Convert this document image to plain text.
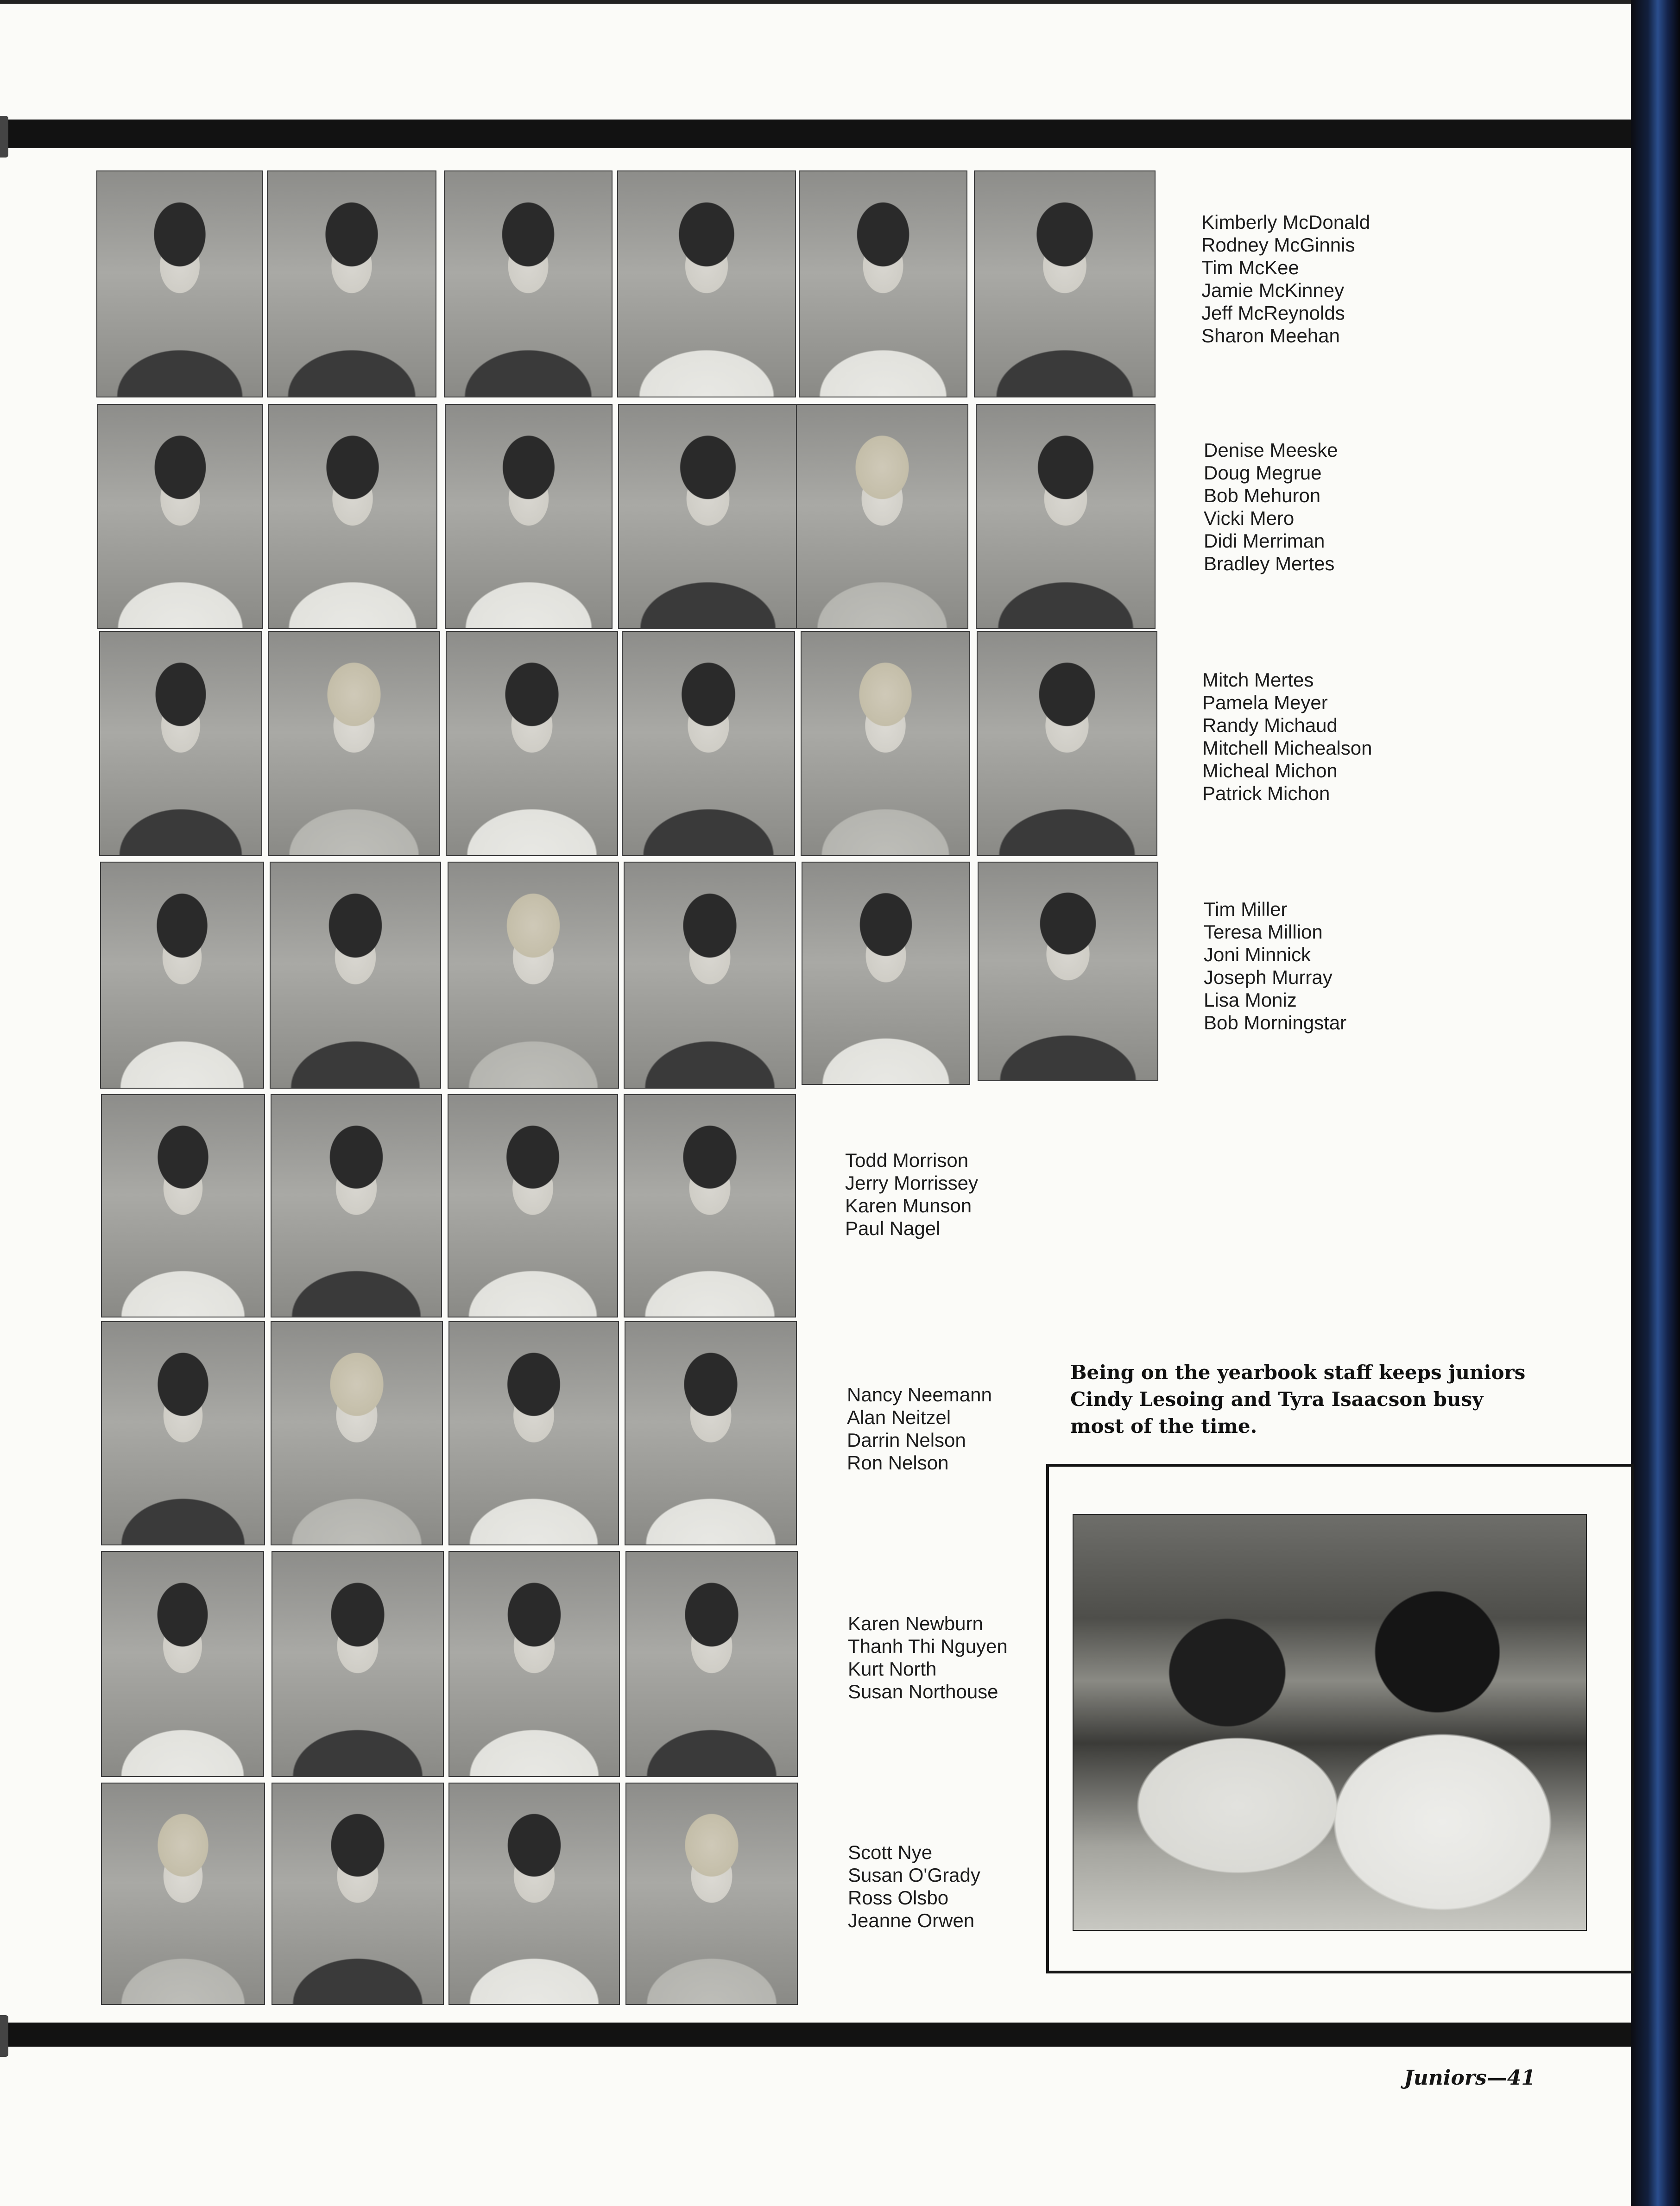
Kimberly McDonald
Rodney McGinnis
Tim McKee
Jamie McKinney
Jeff McReynolds
Sharon Meehan
Denise Meeske
Doug Megrue
Bob Mehuron
Vicki Mero
Didi Merriman
Bradley Mertes
Mitch Mertes
Pamela Meyer
Randy Michaud
Mitchell Michealson
Micheal Michon
Patrick Michon
Tim Miller
Teresa Million
Joni Minnick
Joseph Murray
Lisa Moniz
Bob Morningstar
Todd Morrison
Jerry Morrissey
Karen Munson
Paul Nagel
Nancy Neemann
Alan Neitzel
Darrin Nelson
Ron Nelson
Karen Newburn
Thanh Thi Nguyen
Kurt North
Susan Northouse
Scott Nye
Susan O'Grady
Ross Olsbo
Jeanne Orwen
Being on the yearbook staff keeps juniors Cindy Lesoing and Tyra Isaacson busy most of the time.
Juniors—41
